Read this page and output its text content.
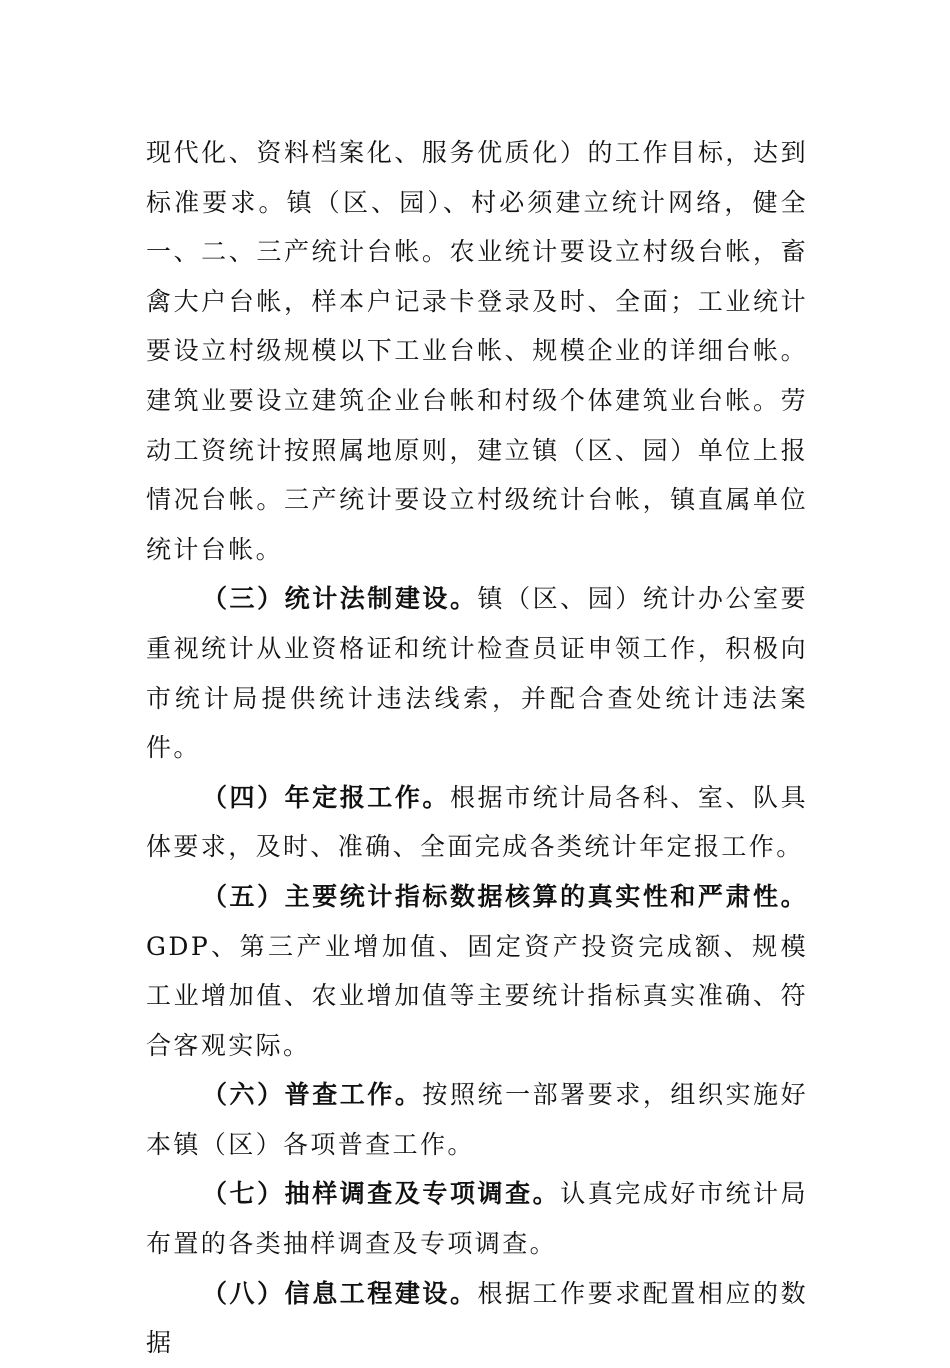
现代化、资料档案化、服务优质化）的工作目标，达到标准要求。镇（区、园）、村必须建立统计网络，健全一、二、三产统计台帐。农业统计要设立村级台帐，畜禽大户台帐，样本户记录卡登录及时、全面；工业统计要设立村级规模以下工业台帐、规模企业的详细台帐。建筑业要设立建筑企业台帐和村级个体建筑业台帐。劳动工资统计按照属地原则，建立镇（区、园）单位上报情况台帐。三产统计要设立村级统计台帐，镇直属单位统计台帐。

（三）统计法制建设。镇（区、园）统计办公室要重视统计从业资格证和统计检查员证申领工作，积极向市统计局提供统计违法线索，并配合查处统计违法案件。

（四）年定报工作。根据市统计局各科、室、队具体要求，及时、准确、全面完成各类统计年定报工作。

（五）主要统计指标数据核算的真实性和严肃性。GDP、第三产业增加值、固定资产投资完成额、规模工业增加值、农业增加值等主要统计指标真实准确、符合客观实际。

（六）普查工作。按照统一部署要求，组织实施好本镇（区）各项普查工作。

（七）抽样调查及专项调查。认真完成好市统计局布置的各类抽样调查及专项调查。

（八）信息工程建设。根据工作要求配置相应的数据
